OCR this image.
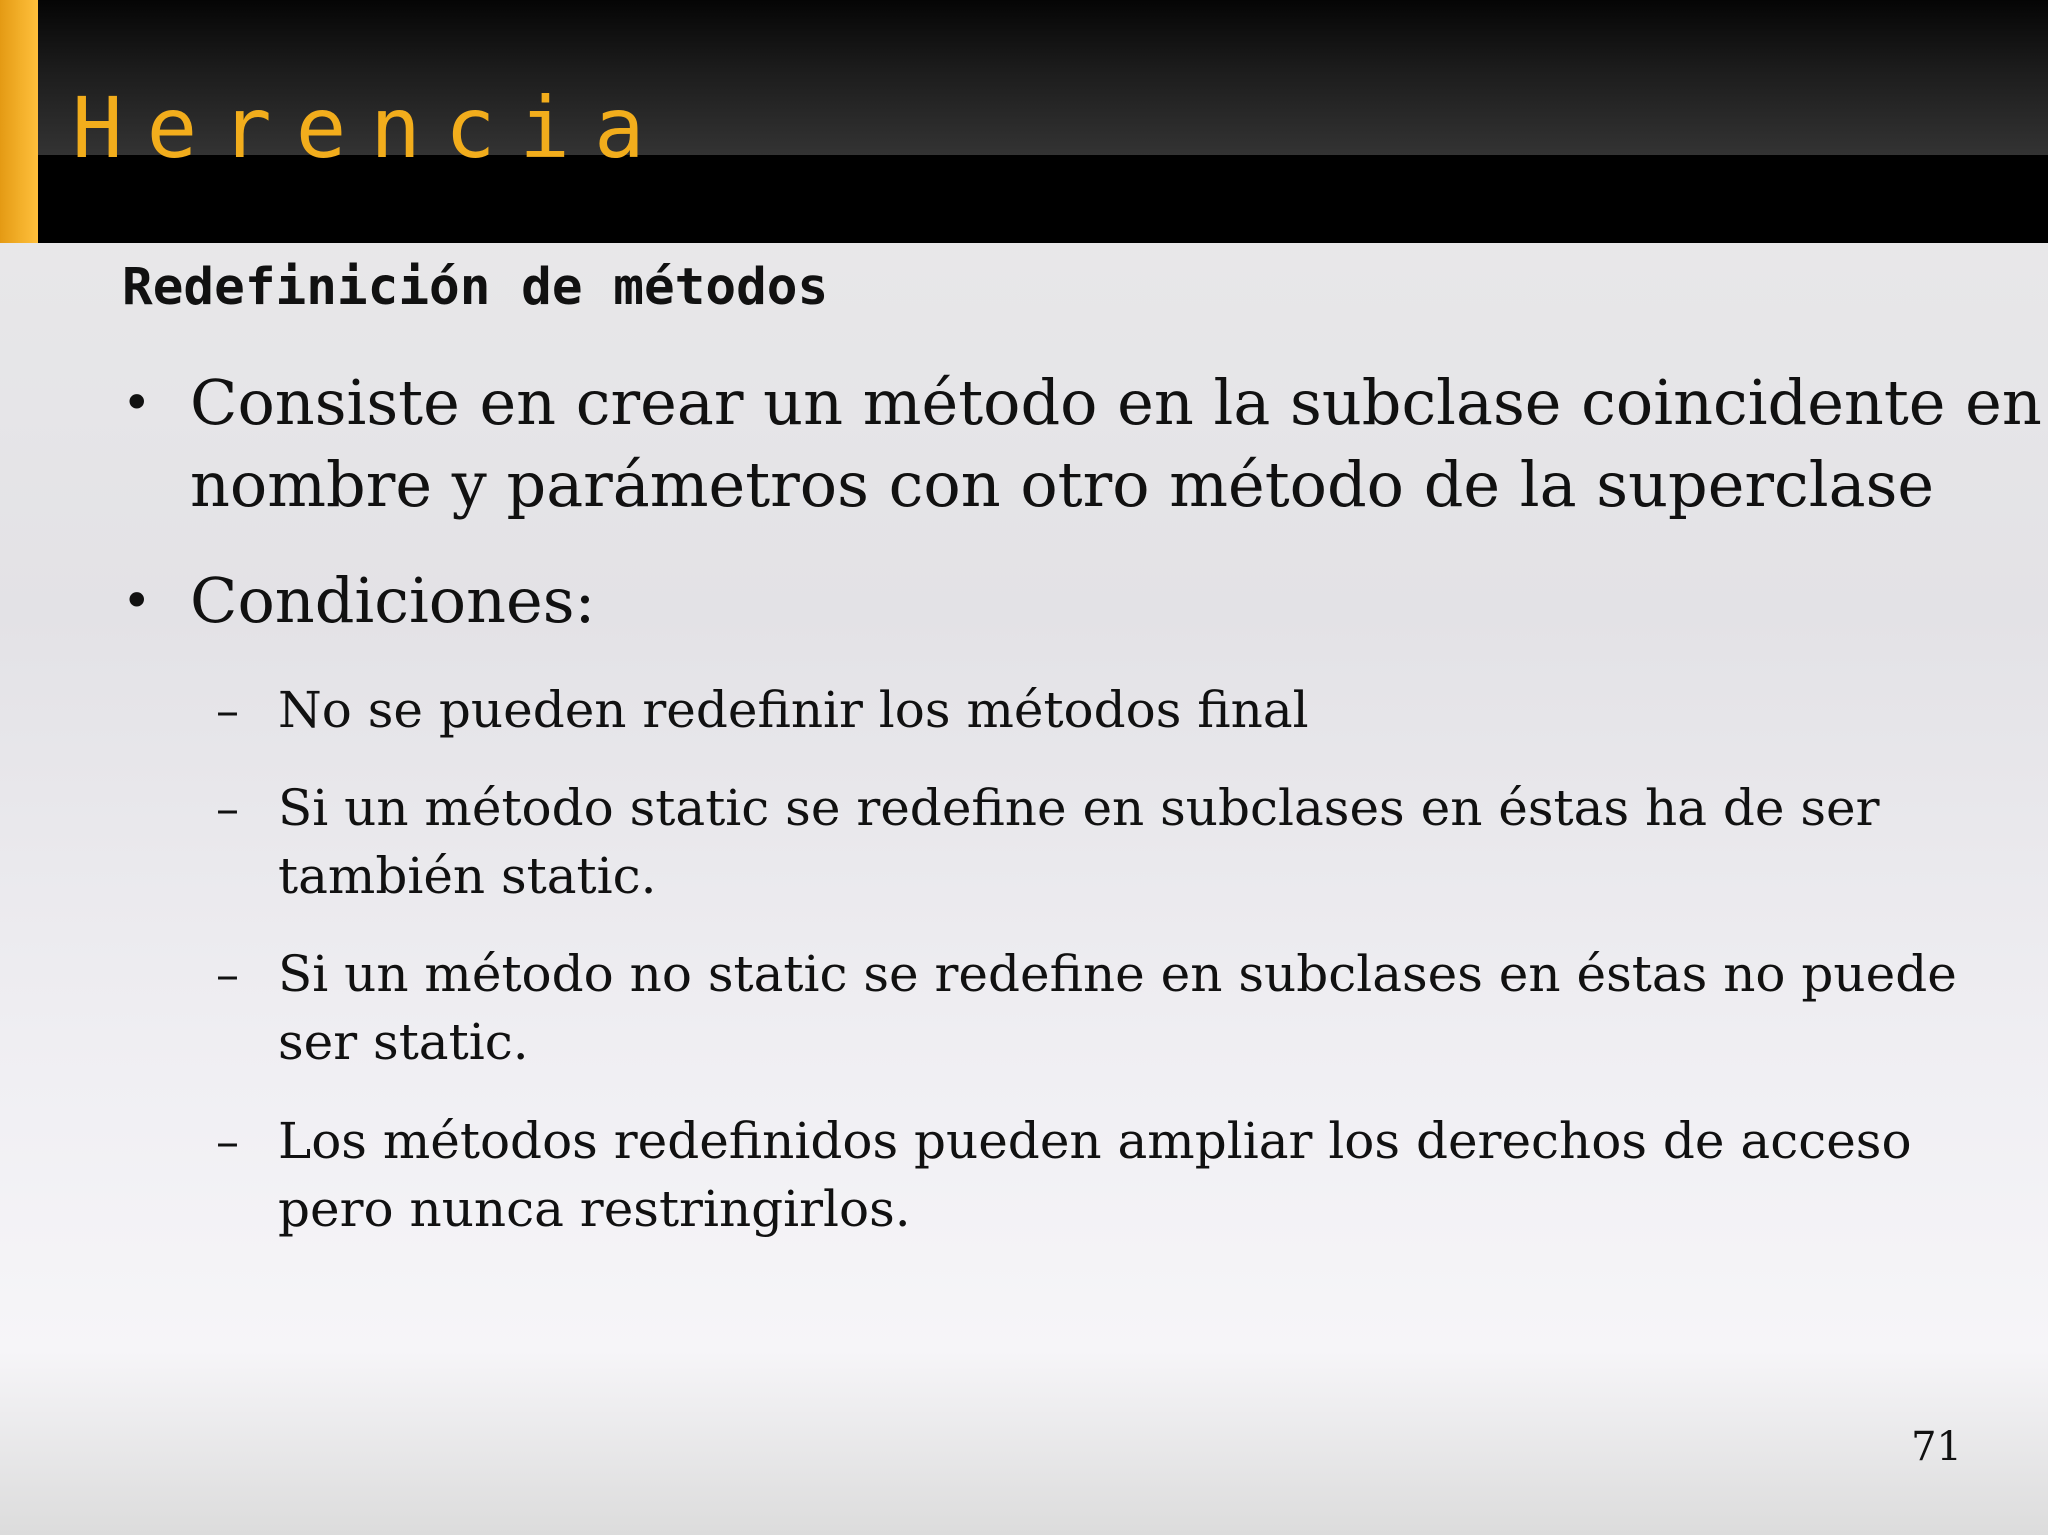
Herencia
Redefinición de métodos
• Consiste en crear un método en la subclase coincidente en
nombre y parámetros con otro método de la superclase
• Condiciones:
– No se pueden redefinir los métodos final
– Si un método static se redefine en subclases en éstas ha de ser
también static.
– Si un método no static se redefine en subclases en éstas no puede
ser static.
– Los métodos redefinidos pueden ampliar los derechos de acceso
pero nunca restringirlos.
71
